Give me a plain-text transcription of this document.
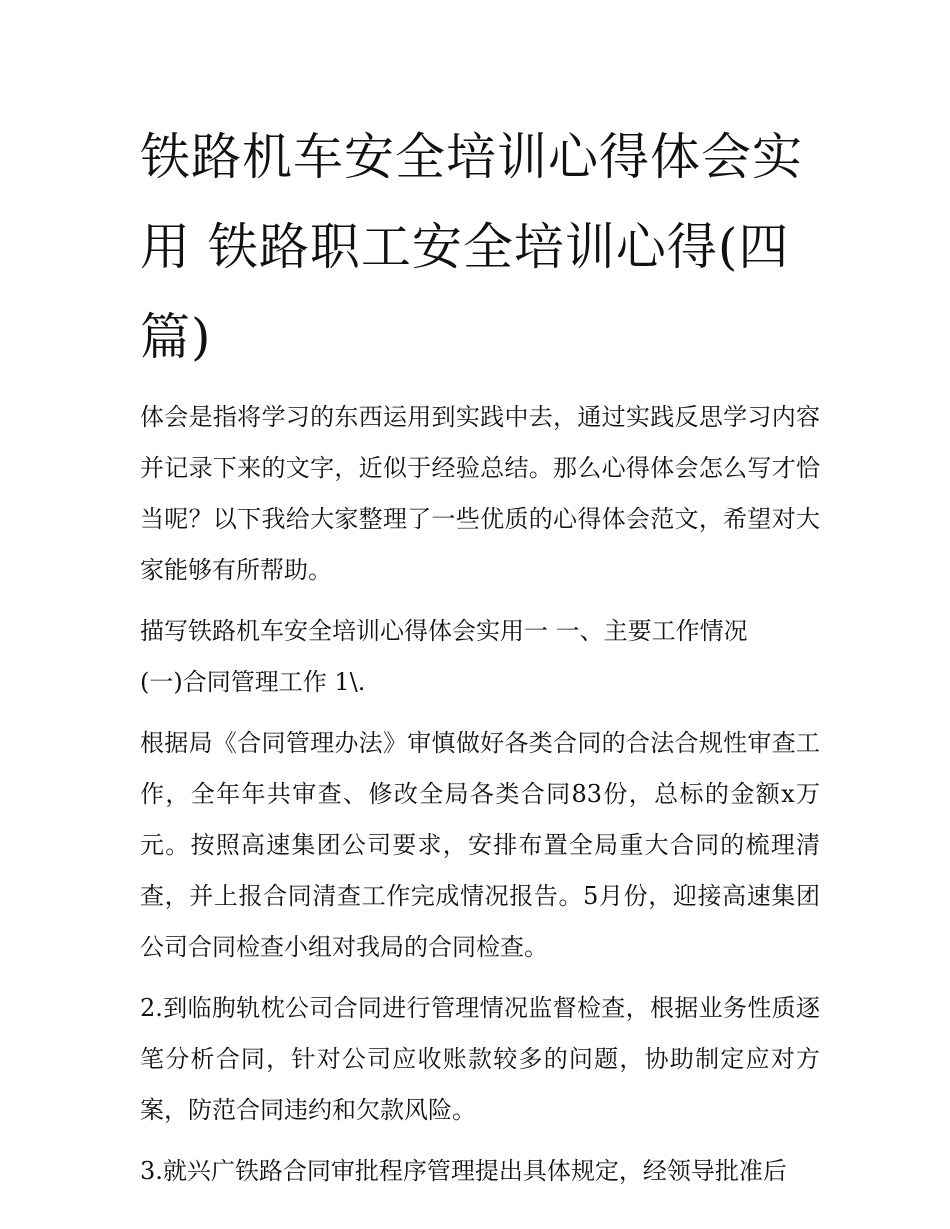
铁路机车安全培训心得体会实用 铁路职工安全培训心得(四篇)

体会是指将学习的东西运用到实践中去，通过实践反思学习内容并记录下来的文字，近似于经验总结。那么心得体会怎么写才恰当呢？以下我给大家整理了一些优质的心得体会范文，希望对大家能够有所帮助。

描写铁路机车安全培训心得体会实用一 一、主要工作情况

(一)合同管理工作 1\.

根据局《合同管理办法》审慎做好各类合同的合法合规性审查工作，全年年共审查、修改全局各类合同83份，总标的金额x万元。按照高速集团公司要求，安排布置全局重大合同的梳理清查，并上报合同清查工作完成情况报告。5月份，迎接高速集团公司合同检查小组对我局的合同检查。

2.到临朐轨枕公司合同进行管理情况监督检查，根据业务性质逐笔分析合同，针对公司应收账款较多的问题，协助制定应对方案，防范合同违约和欠款风险。

3.就兴广铁路合同审批程序管理提出具体规定，经领导批准后
